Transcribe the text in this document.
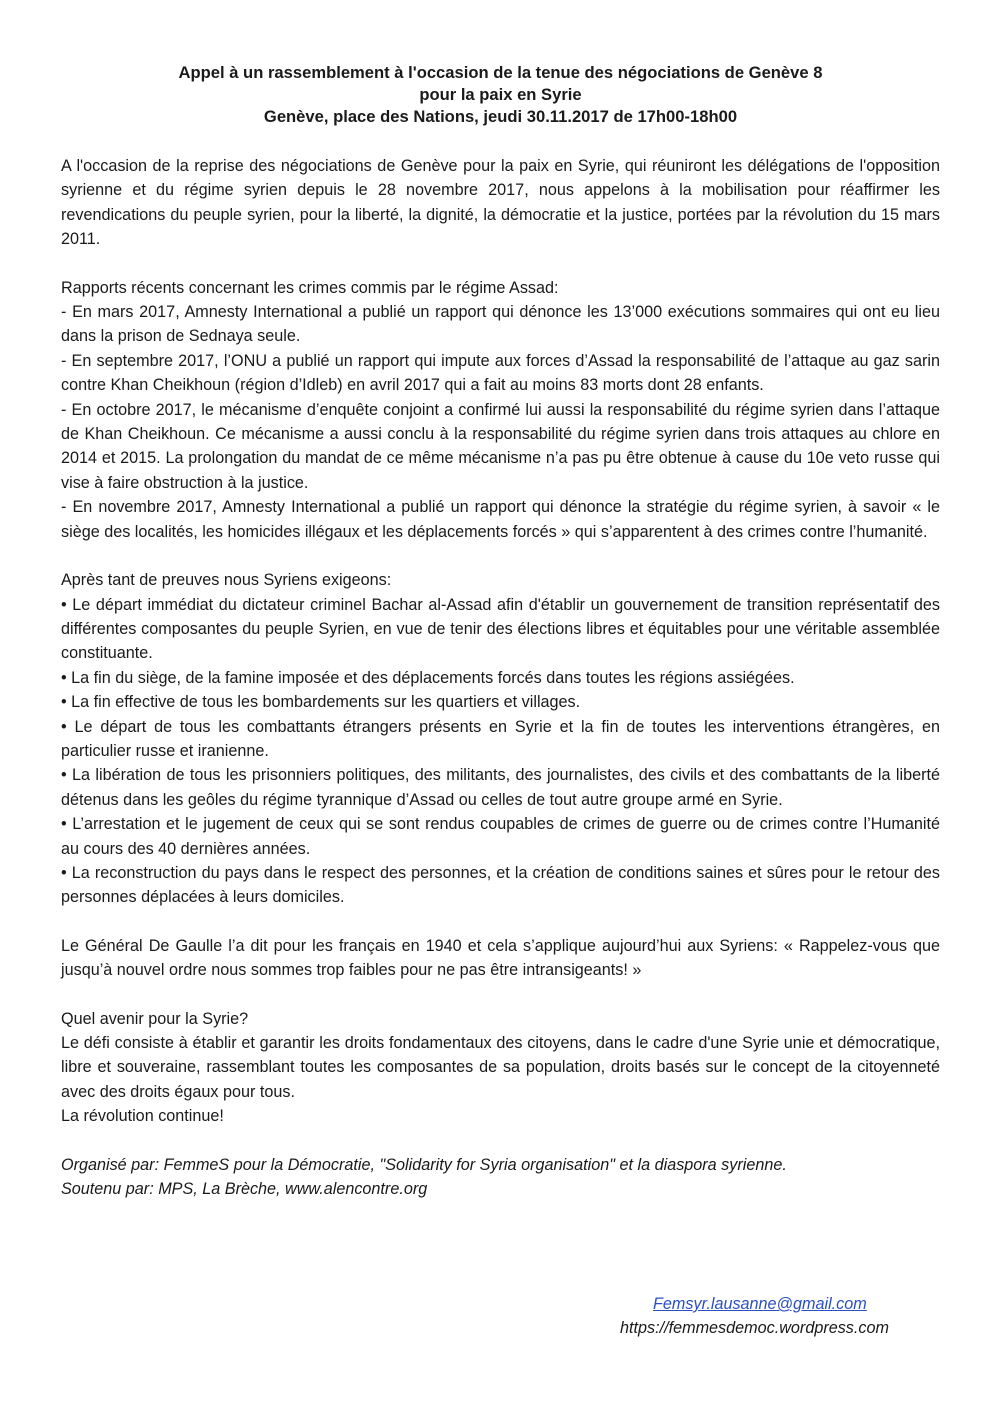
Appel à un rassemblement à l'occasion de la tenue des négociations de Genève 8
pour la paix en Syrie
Genève, place des Nations, jeudi 30.11.2017 de 17h00-18h00

A l'occasion de la reprise des négociations de Genève pour la paix en Syrie, qui réuniront les délégations de l'opposition syrienne et du régime syrien depuis le 28 novembre 2017, nous appelons à la mobilisation pour réaffirmer les revendications du peuple syrien, pour la liberté, la dignité, la démocratie et la justice, portées par la révolution du 15 mars 2011.

Rapports récents concernant les crimes commis par le régime Assad:

- En mars 2017, Amnesty International a publié un rapport qui dénonce les 13’000 exécutions sommaires qui ont eu lieu dans la prison de Sednaya seule.

- En septembre 2017, l’ONU a publié un rapport qui impute aux forces d’Assad la responsabilité de l’attaque au gaz sarin contre Khan Cheikhoun (région d’Idleb) en avril 2017 qui a fait au moins 83 morts dont 28 enfants.

- En octobre 2017, le mécanisme d’enquête conjoint a confirmé lui aussi la responsabilité du régime syrien dans l’attaque de Khan Cheikhoun. Ce mécanisme a aussi conclu à la responsabilité du régime syrien dans trois attaques au chlore en 2014 et 2015. La prolongation du mandat de ce même mécanisme n’a pas pu être obtenue à cause du 10e veto russe qui vise à faire obstruction à la justice.

- En novembre 2017, Amnesty International a publié un rapport qui dénonce la stratégie du régime syrien, à savoir « le siège des localités, les homicides illégaux et les déplacements forcés » qui s’apparentent à des crimes contre l’humanité.

Après tant de preuves nous Syriens exigeons:

• Le départ immédiat du dictateur criminel Bachar al-Assad afin d'établir un gouvernement de transition représentatif des différentes composantes du peuple Syrien, en vue de tenir des élections libres et équitables pour une véritable assemblée constituante.

• La fin du siège, de la famine imposée et des déplacements forcés dans toutes les régions assiégées.

• La fin effective de tous les bombardements sur les quartiers et villages.

• Le départ de tous les combattants étrangers présents en Syrie et la fin de toutes les interventions étrangères, en particulier russe et iranienne.

• La libération de tous les prisonniers politiques, des militants, des journalistes, des civils et des combattants de la liberté détenus dans les geôles du régime tyrannique d’Assad ou celles de tout autre groupe armé en Syrie.

• L’arrestation et le jugement de ceux qui se sont rendus coupables de crimes de guerre ou de crimes contre l’Humanité au cours des 40 dernières années.

• La reconstruction du pays dans le respect des personnes, et la création de conditions saines et sûres pour le retour des personnes déplacées à leurs domiciles.

Le Général De Gaulle l’a dit pour les français en 1940 et cela s’applique aujourd’hui aux Syriens: « Rappelez-vous que jusqu’à nouvel ordre nous sommes trop faibles pour ne pas être intransigeants! »

Quel avenir pour la Syrie?

Le défi consiste à établir et garantir les droits fondamentaux des citoyens, dans le cadre d'une Syrie unie et démocratique, libre et souveraine, rassemblant toutes les composantes de sa population, droits basés sur le concept de la citoyenneté avec des droits égaux pour tous.

La révolution continue!

Organisé par: FemmeS pour la Démocratie, "Solidarity for Syria organisation" et la diaspora syrienne.

Soutenu par: MPS, La Brèche, www.alencontre.org

Femsyr.lausanne@gmail.com
https://femmesdemoc.wordpress.com
